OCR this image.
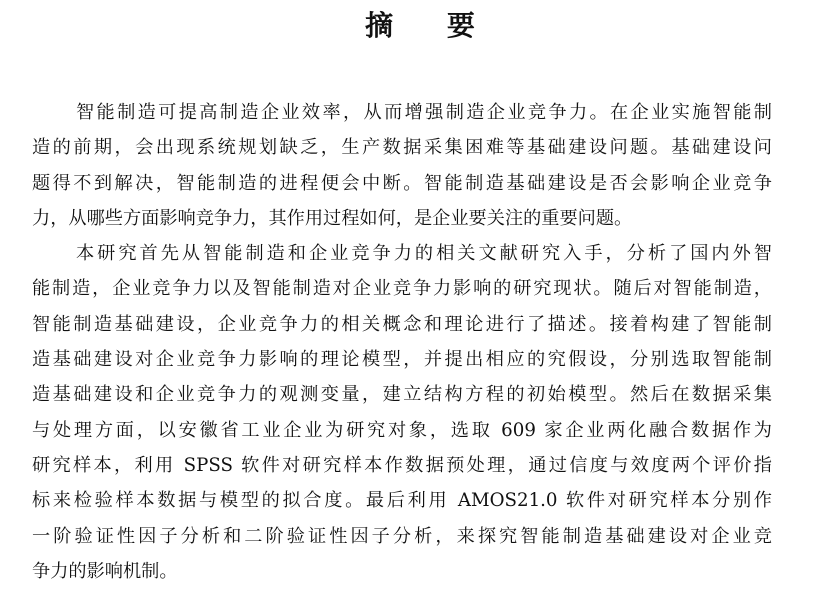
摘 要
智能制造可提高制造企业效率，从而增强制造企业竞争力。在企业实施智能制
造的前期，会出现系统规划缺乏，生产数据采集困难等基础建设问题。基础建设问
题得不到解决，智能制造的进程便会中断。智能制造基础建设是否会影响企业竞争
力，从哪些方面影响竞争力，其作用过程如何，是企业要关注的重要问题。
本研究首先从智能制造和企业竞争力的相关文献研究入手，分析了国内外智
能制造，企业竞争力以及智能制造对企业竞争力影响的研究现状。随后对智能制造，
智能制造基础建设，企业竞争力的相关概念和理论进行了描述。接着构建了智能制
造基础建设对企业竞争力影响的理论模型，并提出相应的究假设，分别选取智能制
造基础建设和企业竞争力的观测变量，建立结构方程的初始模型。然后在数据采集
与处理方面，以安徽省工业企业为研究对象，选取 609 家企业两化融合数据作为
研究样本，利用 SPSS 软件对研究样本作数据预处理，通过信度与效度两个评价指
标来检验样本数据与模型的拟合度。最后利用 AMOS21.0 软件对研究样本分别作
一阶验证性因子分析和二阶验证性因子分析，来探究智能制造基础建设对企业竞
争力的影响机制。
